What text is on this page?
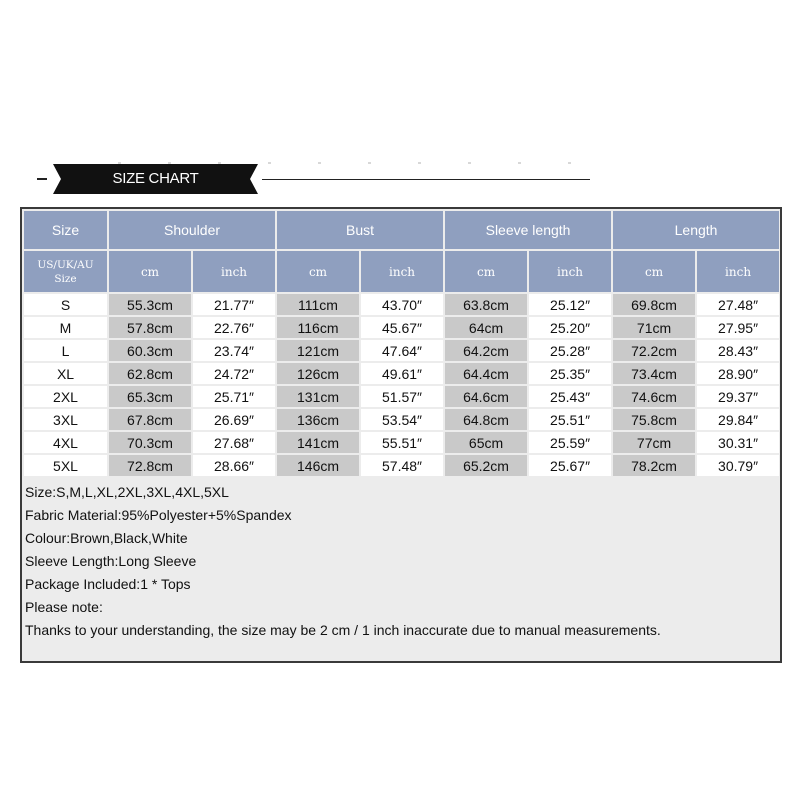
SIZE CHART
Size	Shoulder		Bust		Sleeve length		Length	
US/UK/AU
Size	cm	inch	cm	inch	cm	inch	cm	inch
S	55.3cm	21.77″	111cm	43.70″	63.8cm	25.12″	69.8cm	27.48″
M	57.8cm	22.76″	116cm	45.67″	64cm	25.20″	71cm	27.95″
L	60.3cm	23.74″	121cm	47.64″	64.2cm	25.28″	72.2cm	28.43″
XL	62.8cm	24.72″	126cm	49.61″	64.4cm	25.35″	73.4cm	28.90″
2XL	65.3cm	25.71″	131cm	51.57″	64.6cm	25.43″	74.6cm	29.37″
3XL	67.8cm	26.69″	136cm	53.54″	64.8cm	25.51″	75.8cm	29.84″
4XL	70.3cm	27.68″	141cm	55.51″	65cm	25.59″	77cm	30.31″
5XL	72.8cm	28.66″	146cm	57.48″	65.2cm	25.67″	78.2cm	30.79″
Size:S,M,L,XL,2XL,3XL,4XL,5XL
Fabric Material:95%Polyester+5%Spandex
Colour:Brown,Black,White
Sleeve Length:Long Sleeve
Package Included:1 * Tops
Please note:
Thanks to your understanding, the size may be 2 cm / 1 inch inaccurate due to manual measurements.
